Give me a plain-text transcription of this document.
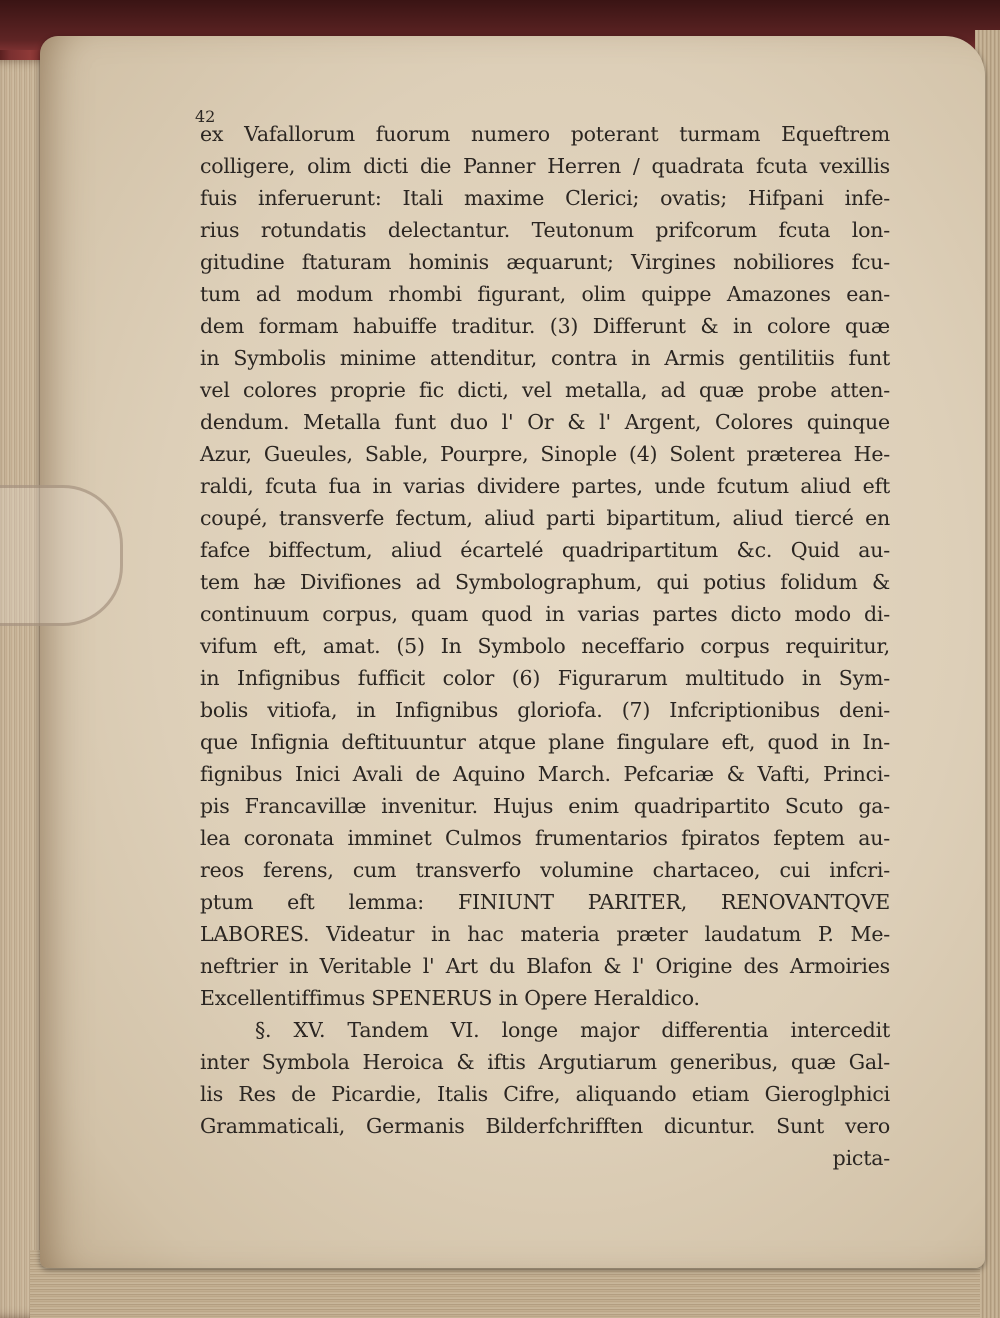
42
ex Vafallorum fuorum numero poterant turmam Equeftrem
colligere, olim dicti die Panner Herren / quadrata fcuta vexillis
fuis inferuerunt: Itali maxime Clerici; ovatis; Hifpani infe-
rius rotundatis delectantur. Teutonum prifcorum fcuta lon-
gitudine ftaturam hominis æquarunt; Virgines nobiliores fcu-
tum ad modum rhombi figurant, olim quippe Amazones ean-
dem formam habuiffe traditur. (3) Differunt & in colore quæ
in Symbolis minime attenditur, contra in Armis gentilitiis funt
vel colores proprie fic dicti, vel metalla, ad quæ probe atten-
dendum. Metalla funt duo l' Or & l' Argent, Colores quinque
Azur, Gueules, Sable, Pourpre, Sinople (4) Solent præterea He-
raldi, fcuta fua in varias dividere partes, unde fcutum aliud eft
coupé, transverfe fectum, aliud parti bipartitum, aliud tiercé en
fafce biffectum, aliud écartelé quadripartitum &c. Quid au-
tem hæ Divifiones ad Symbolographum, qui potius folidum &
continuum corpus, quam quod in varias partes dicto modo di-
vifum eft, amat. (5) In Symbolo neceffario corpus requiritur,
in Infignibus fufficit color (6) Figurarum multitudo in Sym-
bolis vitiofa, in Infignibus gloriofa. (7) Infcriptionibus deni-
que Infignia deftituuntur atque plane fingulare eft, quod in In-
fignibus Inici Avali de Aquino March. Pefcariæ & Vafti, Princi-
pis Francavillæ invenitur. Hujus enim quadripartito Scuto ga-
lea coronata imminet Culmos frumentarios fpiratos feptem au-
reos ferens, cum transverfo volumine chartaceo, cui infcri-
ptum eft lemma: FINIUNT PARITER, RENOVANTQVE
LABORES. Videatur in hac materia præter laudatum P. Me-
neftrier in Veritable l' Art du Blafon & l' Origine des Armoiries
Excellentiffimus SPENERUS in Opere Heraldico.
§. XV. Tandem VI. longe major differentia intercedit
inter Symbola Heroica & iftis Argutiarum generibus, quæ Gal-
lis Res de Picardie, Italis Cifre, aliquando etiam Gieroglphici
Grammaticali, Germanis Bilderfchrifften dicuntur. Sunt vero
picta-
